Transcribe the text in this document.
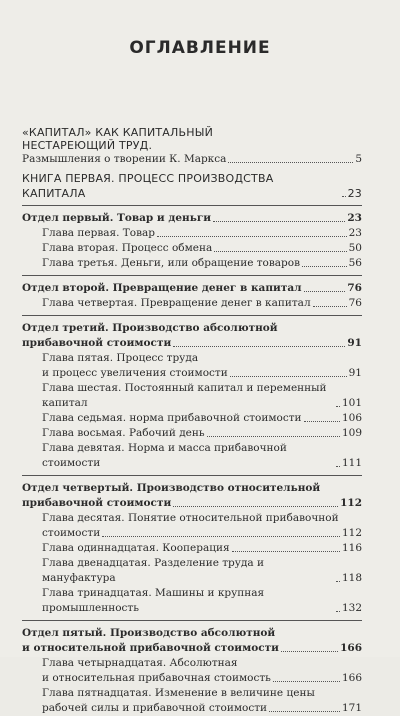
ОГЛАВЛЕНИЕ
«КАПИТАЛ» КАК КАПИТАЛЬНЫЙ
НЕСТАРЕЮЩИЙ ТРУД.
Размышления о творении К. Маркса	5
КНИГА ПЕРВАЯ. ПРОЦЕСС ПРОИЗВОДСТВА КАПИТАЛА	23
Отдел первый. Товар и деньги	23
Глава первая. Товар	23
Глава вторая. Процесс обмена	50
Глава третья. Деньги, или обращение товаров	56
Отдел второй. Превращение денег в капитал	76
Глава четвертая. Превращение денег в капитал	76
Отдел третий. Производство абсолютной
прибавочной стоимости	91
Глава пятая. Процесс труда
и процесс увеличения стоимости	91
Глава шестая. Постоянный капитал и переменный капитал	101
Глава седьмая. норма прибавочной стоимости	106
Глава восьмая. Рабочий день	109
Глава девятая. Норма и масса прибавочной стоимости	111
Отдел четвертый. Производство относительной
прибавочной стоимости	112
Глава десятая. Понятие относительной прибавочной
стоимости	112
Глава одиннадцатая. Кооперация	116
Глава двенадцатая. Разделение труда и мануфактура	118
Глава тринадцатая. Машины и крупная промышленность	132
Отдел пятый. Производство абсолютной
и относительной прибавочной стоимости	166
Глава четырнадцатая. Абсолютная
и относительная прибавочная стоимость	166
Глава пятнадцатая. Изменение в величине цены
рабочей силы и прибавочной стоимости	171
